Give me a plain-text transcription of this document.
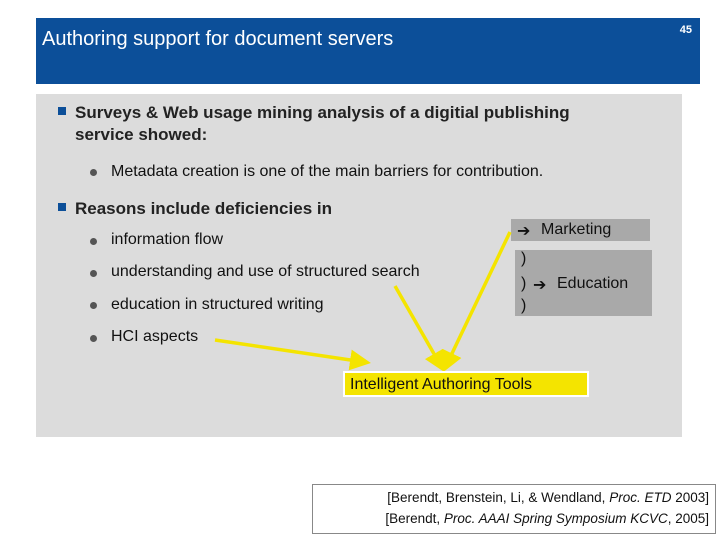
Authoring support for document servers	45
Surveys & Web usage mining analysis of a digitial publishing
service showed:
Metadata creation is one of the main barriers for contribution.
Reasons include deficiencies in
information flow
understanding and use of structured search
education in structured writing
HCI aspects
➔ Marketing
)
)
)
➔ Education
Intelligent Authoring Tools
[Berendt, Brenstein, Li, & Wendland, Proc. ETD 2003]
[Berendt, Proc. AAAI Spring Symposium KCVC, 2005]
